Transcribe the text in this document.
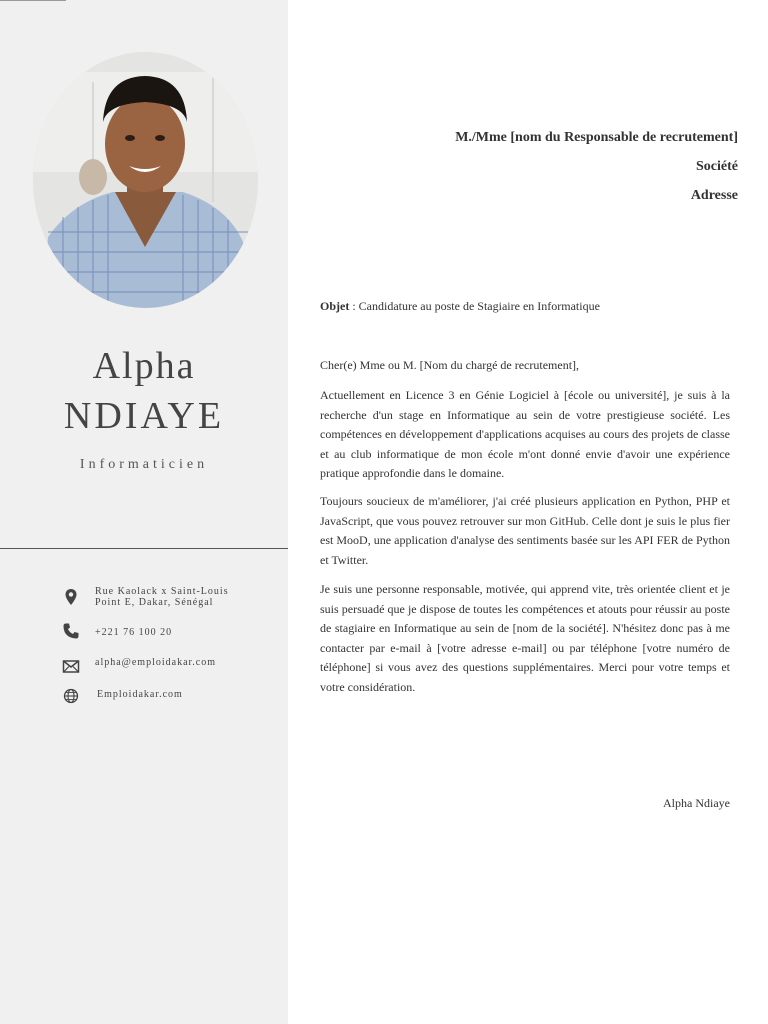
Alpha
NDIAYE
Informaticien
Rue Kaolack x Saint-Louis
Point E, Dakar, Sénégal
+221 76 100 20
alpha@emploidakar.com
Emploidakar.com
M./Mme [nom du Responsable de recrutement]
Société
Adresse
Objet : Candidature au poste de Stagiaire en Informatique
Cher(e) Mme ou M. [Nom du chargé de recrutement],

Actuellement en Licence 3 en Génie Logiciel à [école ou université], je suis à la recherche d'un stage en Informatique au sein de votre prestigieuse société. Les compétences en développement d'applications acquises au cours des projets de classe et au club informatique de mon école m'ont donné envie d'avoir une expérience pratique approfondie dans le domaine.

Toujours soucieux de m'améliorer, j'ai créé plusieurs application en Python, PHP et JavaScript, que vous pouvez retrouver sur mon GitHub. Celle dont je suis le plus fier est MooD, une application d'analyse des sentiments basée sur les API FER de Python et Twitter.

Je suis une personne responsable, motivée, qui apprend vite, très orientée client et je suis persuadé que je dispose de toutes les compétences et atouts pour réussir au poste de stagiaire en Informatique au sein de [nom de la société]. N'hésitez donc pas à me contacter par e-mail à [votre adresse e-mail] ou par téléphone [votre numéro de téléphone] si vous avez des questions supplémentaires. Merci pour votre temps et votre considération.

Alpha Ndiaye
